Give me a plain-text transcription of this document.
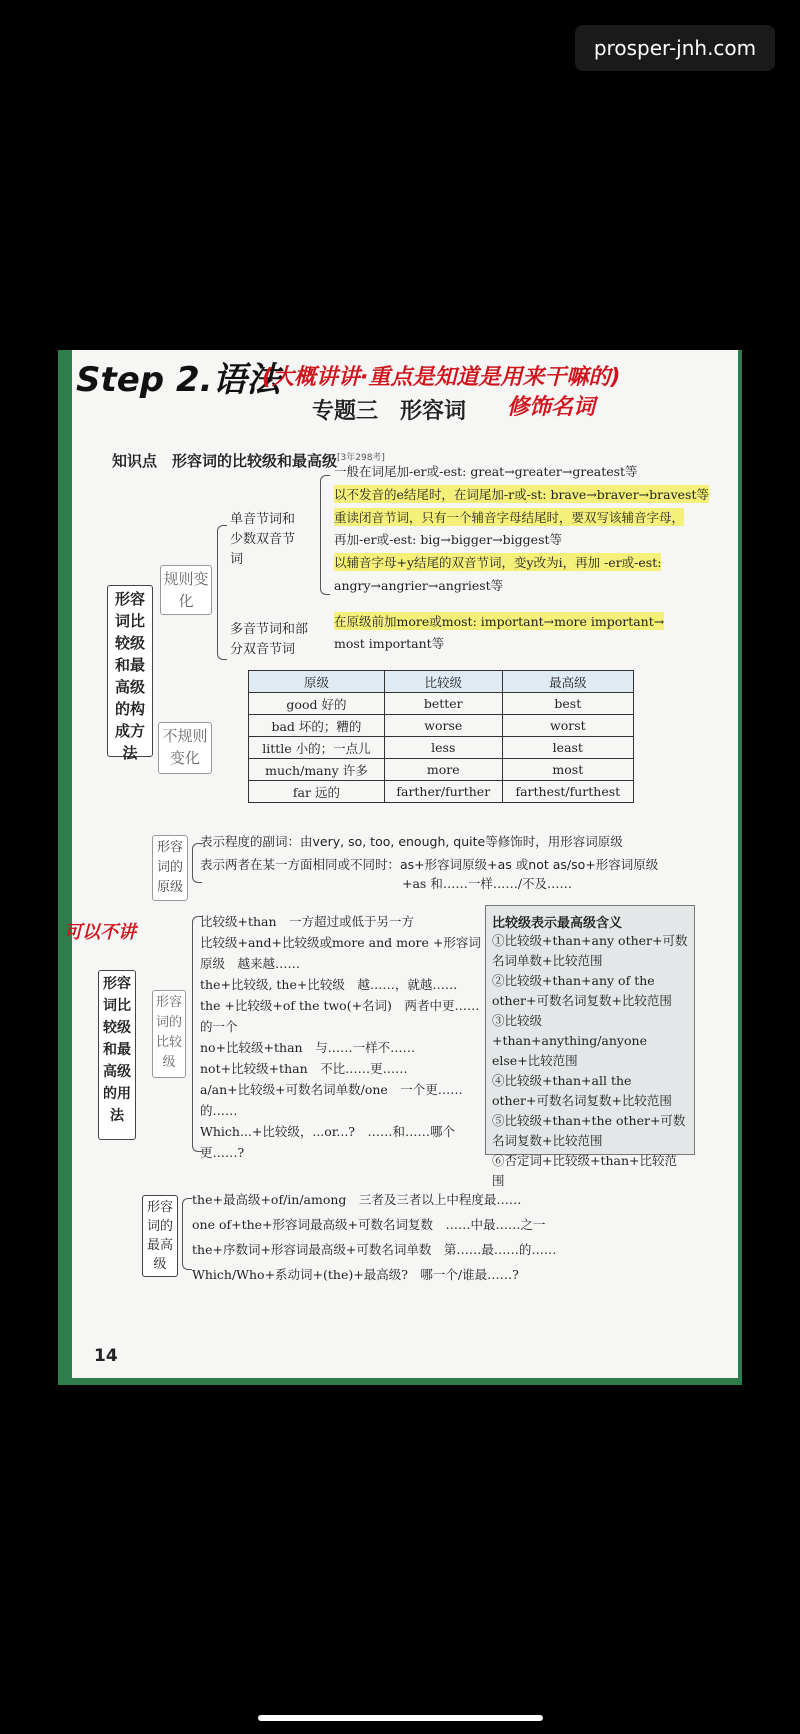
prosper-jnh.com
Step 2.语法
(大概讲讲·重点是知道是用来干嘛的)
专题三　形容词 修饰名词
知识点　形容词的比较级和最高级[3年298考]
形容词比较级和最高级的构成方法
规则变化
单音节词和少数双音节词
一般在词尾加-er或-est: great→greater→greatest等
以不发音的e结尾时，在词尾加-r或-st: brave→braver→bravest等
重读闭音节词，只有一个辅音字母结尾时，要双写该辅音字母，
再加-er或-est: big→bigger→biggest等
以辅音字母+y结尾的双音节词，变y改为i，再加 -er或-est:
angry→angrier→angriest等
多音节词和部分双音节词
在原级前加more或most: important→more important→
most important等
不规则变化
原级	比较级	最高级
good 好的	better	best
bad 坏的；糟的	worse	worst
little 小的；一点儿	less	least
much/many 许多	more	most
far 远的	farther/further	farthest/furthest
形容词的原级
表示程度的副词：由very, so, too, enough, quite等修饰时，用形容词原级
表示两者在某一方面相同或不同时：as+形容词原级+as 或not as/so+形容词原级
+as 和……一样……/不及……
可以不讲
形容词比较级和最高级的用法
形容词的比较级
比较级+than　一方超过或低于另一方
比较级+and+比较级或more and more +形容词
原级　越来越……
the+比较级, the+比较级　越……，就越……
the +比较级+of the two(+名词)　两者中更……
的一个
no+比较级+than　与……一样不……
not+比较级+than　不比……更……
a/an+比较级+可数名词单数/one　一个更……
的……
Which...+比较级，...or...?　……和……哪个
更……?
比较级表示最高级含义
①比较级+than+any other+可数名词单数+比较范围
②比较级+than+any of the other+可数名词复数+比较范围
③比较级+than+anything/anyone else+比较范围
④比较级+than+all the other+可数名词复数+比较范围
⑤比较级+than+the other+可数名词复数+比较范围
⑥否定词+比较级+than+比较范围
形容词的最高级
the+最高级+of/in/among　三者及三者以上中程度最……
one of+the+形容词最高级+可数名词复数　……中最……之一
the+序数词+形容词最高级+可数名词单数　第……最……的……
Which/Who+系动词+(the)+最高级?　哪一个/谁最……?
14
